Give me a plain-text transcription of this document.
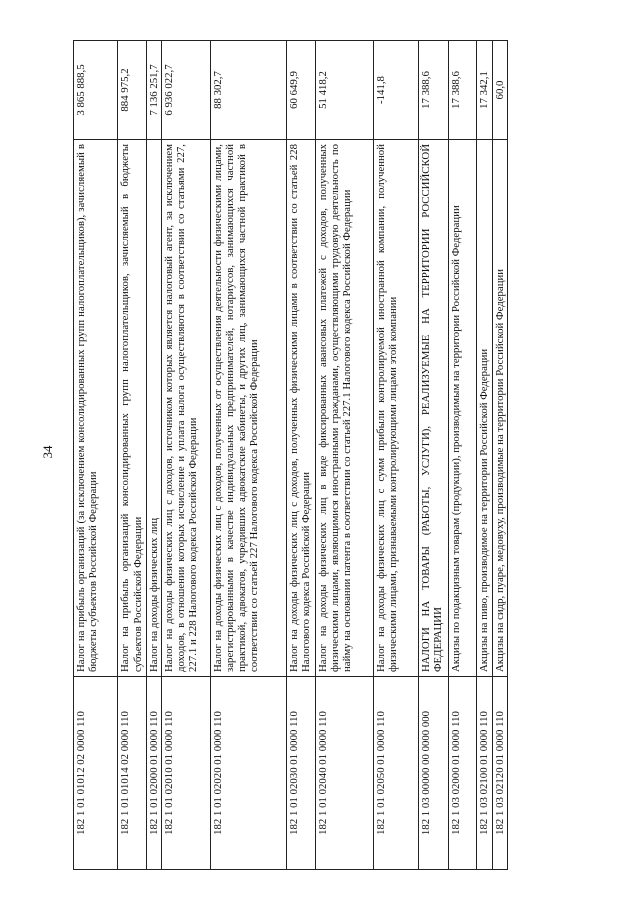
34
182 1 01 01012 02 0000 110	Налог на прибыль организаций (за исключением консолидированных групп налогоплательщиков), зачисляемый в бюджеты субъектов Российской Федерации	3 865 888,5
182 1 01 01014 02 0000 110	Налог на прибыль организаций консолидированных групп налогоплательщиков, зачисляемый в бюджеты субъектов Российской Федерации	884 975,2
182 1 01 02000 01 0000 110	Налог на доходы физических лиц	7 136 251,7
182 1 01 02010 01 0000 110	Налог на доходы физических лиц с доходов, источником которых является налоговый агент, за исключением доходов, в отношении которых исчисление и уплата налога осуществляются в соответствии со статьями 227, 227.1 и 228 Налогового кодекса Российской Федерации	6 936 022,7
182 1 01 02020 01 0000 110	Налог на доходы физических лиц с доходов, полученных от осуществления деятельности физическими лицами, зарегистрированными в качестве индивидуальных предпринимателей, нотариусов, занимающихся частной практикой, адвокатов, учредивших адвокатские кабинеты, и других лиц, занимающихся частной практикой в соответствии со статьей 227 Налогового кодекса Российской Федерации	88 302,7
182 1 01 02030 01 0000 110	Налог на доходы физических лиц с доходов, полученных физическими лицами в соответствии со статьей 228 Налогового кодекса Российской Федерации	60 649,9
182 1 01 02040 01 0000 110	Налог на доходы физических лиц в виде фиксированных авансовых платежей с доходов, полученных физическими лицами, являющимися иностранными гражданами, осуществляющими трудовую деятельность по найму на основании патента в соответствии со статьей 227.1 Налогового кодекса Российской Федерации	51 418,2
182 1 01 02050 01 0000 110	Налог на доходы физических лиц с сумм прибыли контролируемой иностранной компании, полученной физическими лицами, признаваемыми контролирующими лицами этой компании	-141,8
182 1 03 00000 00 0000 000	НАЛОГИ НА ТОВАРЫ (РАБОТЫ, УСЛУГИ), РЕАЛИЗУЕМЫЕ НА ТЕРРИТОРИИ РОССИЙСКОЙ ФЕДЕРАЦИИ	17 388,6
182 1 03 02000 01 0000 110	Акцизы по подакцизным товарам (продукции), производимым на территории Российской Федерации	17 388,6
182 1 03 02100 01 0000 110	Акцизы на пиво, производимое на территории Российской Федерации	17 342,1
182 1 03 02120 01 0000 110	Акцизы на сидр, пуаре, медовуху, производимые на территории Российской Федерации	60,0
